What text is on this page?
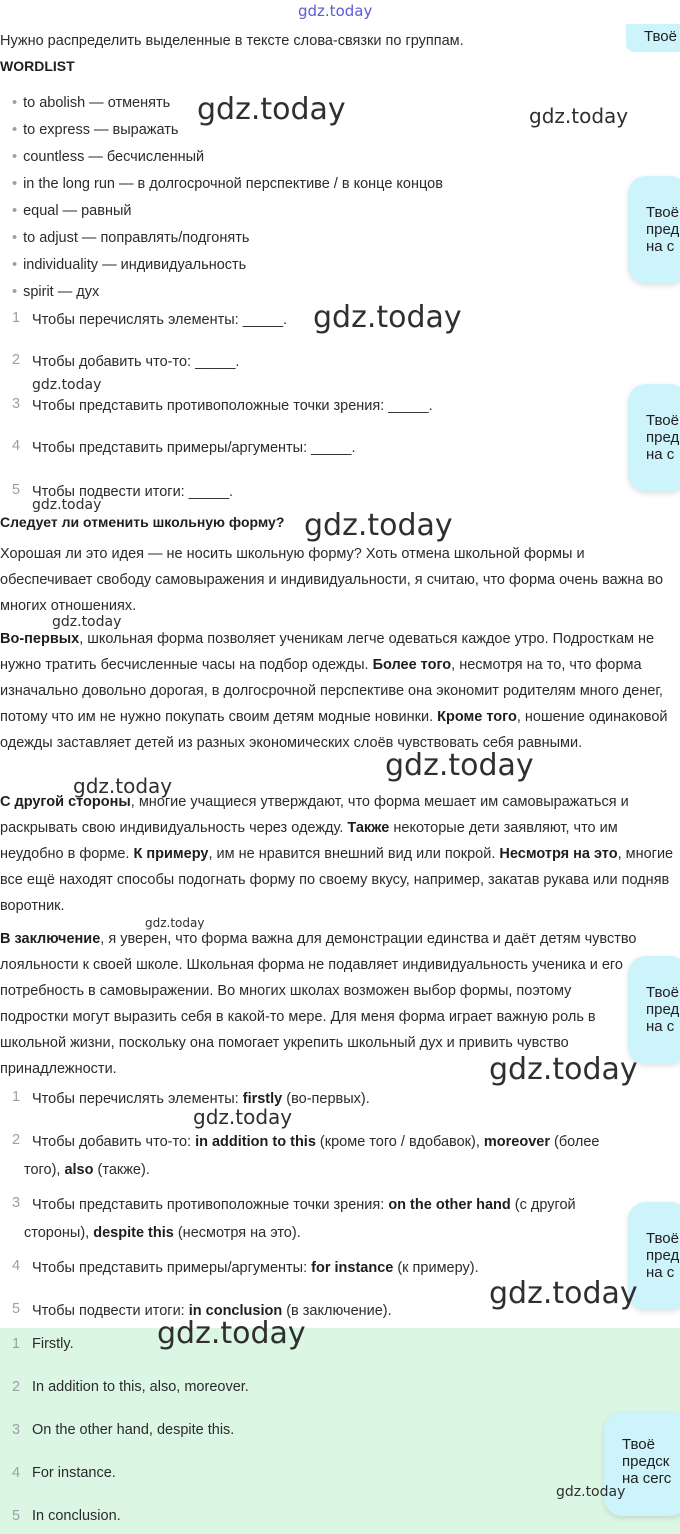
gdz.today
Твоё
Нужно распределить выделенные в тексте слова-связки по группам.
WORDLIST
• to abolish — отменять
• to express — выражать
• countless — бесчисленный
• in the long run — в долгосрочной перспективе / в конце концов
• equal — равный
• to adjust — поправлять/подгонять
• individuality — индивидуальность
• spirit — дух
1 Чтобы перечислять элементы: _____.
2 Чтобы добавить что-то: _____.
3 Чтобы представить противоположные точки зрения: _____.
4 Чтобы представить примеры/аргументы: _____.
5 Чтобы подвести итоги: _____.
Следует ли отменить школьную форму?
Хорошая ли это идея — не носить школьную форму? Хоть отмена школьной формы и обеспечивает свободу самовыражения и индивидуальности, я считаю, что форма очень важна во многих отношениях.
Во-первых, школьная форма позволяет ученикам легче одеваться каждое утро. Подросткам не нужно тратить бесчисленные часы на подбор одежды. Более того, несмотря на то, что форма изначально довольно дорогая, в долгосрочной перспективе она экономит родителям много денег, потому что им не нужно покупать своим детям модные новинки. Кроме того, ношение одинаковой одежды заставляет детей из разных экономических слоёв чувствовать себя равными.
С другой стороны, многие учащиеся утверждают, что форма мешает им самовыражаться и раскрывать свою индивидуальность через одежду. Также некоторые дети заявляют, что им неудобно в форме. К примеру, им не нравится внешний вид или покрой. Несмотря на это, многие все ещё находят способы подогнать форму по своему вкусу, например, закатав рукава или подняв воротник.
В заключение, я уверен, что форма важна для демонстрации единства и даёт детям чувство лояльности к своей школе. Школьная форма не подавляет индивидуальность ученика и его потребность в самовыражении. Во многих школах возможен выбор формы, поэтому подростки могут выразить себя в какой-то мере. Для меня форма играет важную роль в школьной жизни, поскольку она помогает укрепить школьный дух и привить чувство принадлежности.
1 Чтобы перечислять элементы: firstly (во-первых).
2 Чтобы добавить что-то: in addition to this (кроме того / вдобавок), moreover (более
того), also (также).
3 Чтобы представить противоположные точки зрения: on the other hand (с другой
стороны), despite this (несмотря на это).
4 Чтобы представить примеры/аргументы: for instance (к примеру).
5 Чтобы подвести итоги: in conclusion (в заключение).
1 Firstly.
2 In addition to this, also, moreover.
3 On the other hand, despite this.
4 For instance.
5 In conclusion.
Твоё
пред
на с
Твоё
пред
на с
Твоё
пред
на с
Твоё
пред
на с
Твоё
предск
на сегс
gdz.today	gdz.today
gdz.today
gdz.today
gdz.today
gdz.today
gdz.today
gdz.today
gdz.today
gdz.today
gdz.today
gdz.today
gdz.today
gdz.today
gdz.today
